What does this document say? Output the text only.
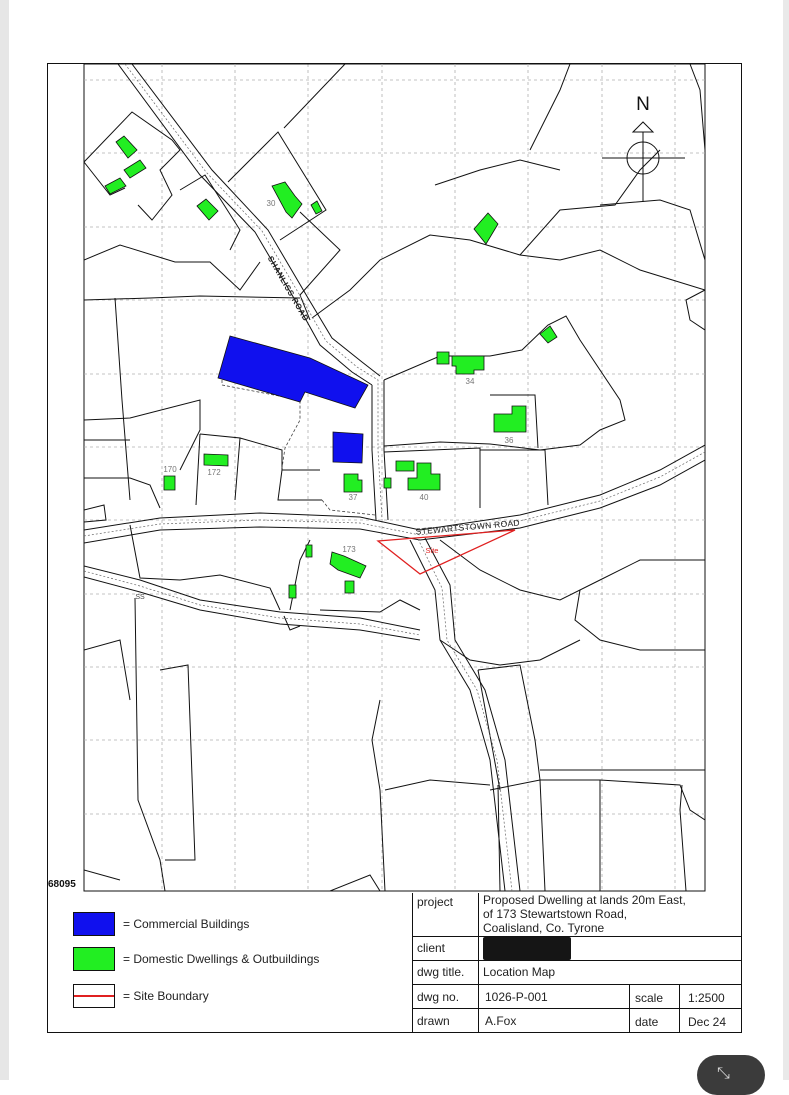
N
SHANLISS ROAD
STEWARTSTOWN ROAD
Site
30
34
36
37	40
170	172
173
SS
68095
= Commercial Buildings
= Domestic Dwellings & Outbuildings
= Site Boundary
project Proposed Dwelling at lands 20m East,
of 173 Stewartstown Road,
Coalisland, Co. Tyrone
client
dwg title. Location Map
dwg no. 1026-P-001	scale 1:2500
drawn	A.Fox	date Dec 24
⤡
